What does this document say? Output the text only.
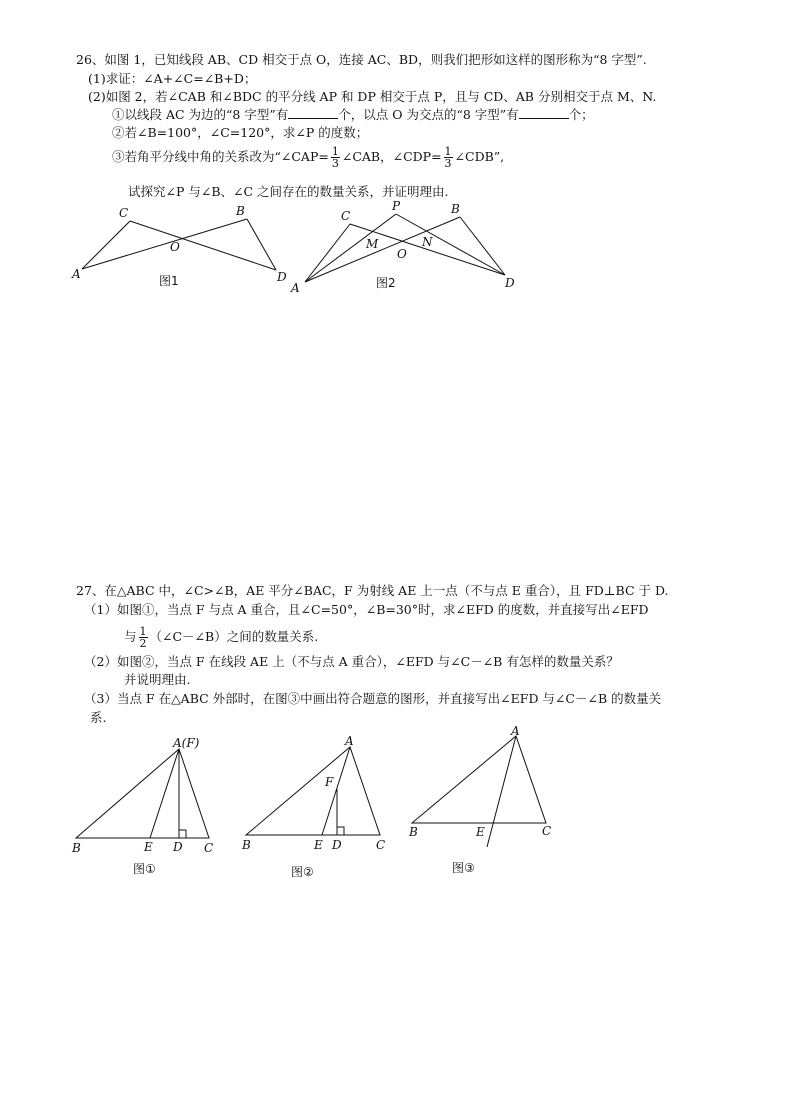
26、如图 1，已知线段 AB、CD 相交于点 O，连接 AC、BD，则我们把形如这样的图形称为“8 字型”.
(1)求证：∠A+∠C=∠B+D；
(2)如图 2，若∠CAB 和∠BDC 的平分线 AP 和 DP 相交于点 P，且与 CD、AB 分别相交于点 M、N.
①以线段 AC 为边的“8 字型”有	个，以点 O 为交点的“8 字型”有	个；
②若∠B=100°，∠C=120°，求∠P 的度数；
③若角平分线中角的关系改为“∠CAP= $\frac{1}{3}$ ∠CAB，∠CDP= $\frac{1}{3}$ ∠CDB”,
试探究∠P 与∠B、∠C 之间存在的数量关系，并证明理由.
C	B
O
A	D
图1
C
P	B
M	N
O
A	D
图2
27、在△ABC 中，∠C>∠B，AE 平分∠BAC，F 为射线 AE 上一点（不与点 E 重合），且 FD⊥BC 于 D.
（1）如图①，当点 F 与点 A 重合，且∠C=50°，∠B=30°时，求∠EFD 的度数，并直接写出∠EFD
与 $\frac{1}{2}$ （∠C－∠B）之间的数量关系.
（2）如图②，当点 F 在线段 AE 上（不与点 A 重合），∠EFD 与∠C－∠B 有怎样的数量关系？
并说明理由.
（3）当点 F 在△ABC 外部时，在图③中画出符合题意的图形，并直接写出∠EFD 与∠C－∠B 的数量关
系.
A(F)
B	E D C
图①
A
F
B	E D	C
图②
A
B	E	C
图③
